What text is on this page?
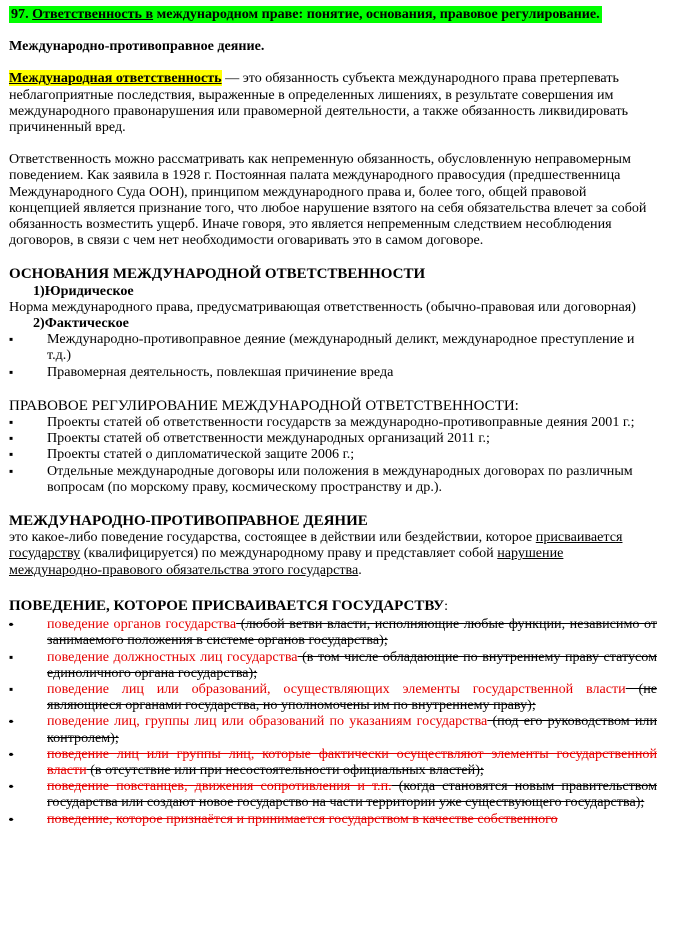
97. Ответственность в международном праве: понятие, основания, правовое регулирование.

Международно-противоправное деяние.

Международная ответственность — это обязанность субъекта международного права претерпевать неблагоприятные последствия, выраженные в определенных лишениях, в результате совершения им международного правонарушения или правомерной деятельности, а также обязанность ликвидировать причиненный вред.

Ответственность можно рассматривать как непременную обязанность, обусловленную неправомерным поведением. Как заявила в 1928 г. Постоянная палата международного правосудия (предшественница Международного Суда ООН), принципом международного права и, более того, общей правовой концепцией является признание того, что любое нарушение взятого на себя обязательства влечет за собой обязанность возместить ущерб. Иначе говоря, это является непременным следствием несоблюдения договоров, в связи с чем нет необходимости оговаривать это в самом договоре.

ОСНОВАНИЯ МЕЖДУНАРОДНОЙ ОТВЕТСТВЕННОСТИ

1)Юридическое

Норма международного права, предусматривающая ответственность (обычно-правовая или договорная)

2)Фактическое

▪ Международно-противоправное деяние (международный деликт, международное преступление и т.д.)

▪ Правомерная деятельность, повлекшая причинение вреда

ПРАВОВОЕ РЕГУЛИРОВАНИЕ МЕЖДУНАРОДНОЙ ОТВЕТСТВЕННОСТИ:

▪ Проекты статей об ответственности государств за международно-противоправные деяния 2001 г.;

▪ Проекты статей об ответственности международных организаций 2011 г.;

▪ Проекты статей о дипломатической защите 2006 г.;

▪ Отдельные международные договоры или положения в международных договорах по различным вопросам (по морскому праву, космическому пространству и др.).

МЕЖДУНАРОДНО-ПРОТИВОПРАВНОЕ ДЕЯНИЕ

это какое-либо поведение государства, состоящее в действии или бездействии, которое присваивается государству (квалифицируется) по международному праву и представляет собой нарушение международно-правового обязательства этого государства.

ПОВЕДЕНИЕ, КОТОРОЕ ПРИСВАИВАЕТСЯ ГОСУДАРСТВУ:

▪ поведение органов государства (любой ветви власти, исполняющие любые функции, независимо от занимаемого положения в системе органов государства);

▪ поведение должностных лиц государства (в том числе обладающие по внутреннему праву статусом единоличного органа государства);

▪ поведение лиц или образований, осуществляющих элементы государственной власти (не являющиеся органами государства, но уполномочены им по внутреннему праву);

▪ поведение лиц, группы лиц или образований по указаниям государства (под его руководством или контролем);

▪ поведение лиц или группы лиц, которые фактически осуществляют элементы государственной власти (в отсутствие или при несостоятельности официальных властей);

▪ поведение повстанцев, движения сопротивления и т.п. (когда становятся новым правительством государства или создают новое государство на части территории уже существующего государства);

▪ поведение, которое признаётся и принимается государством в качестве собственного
